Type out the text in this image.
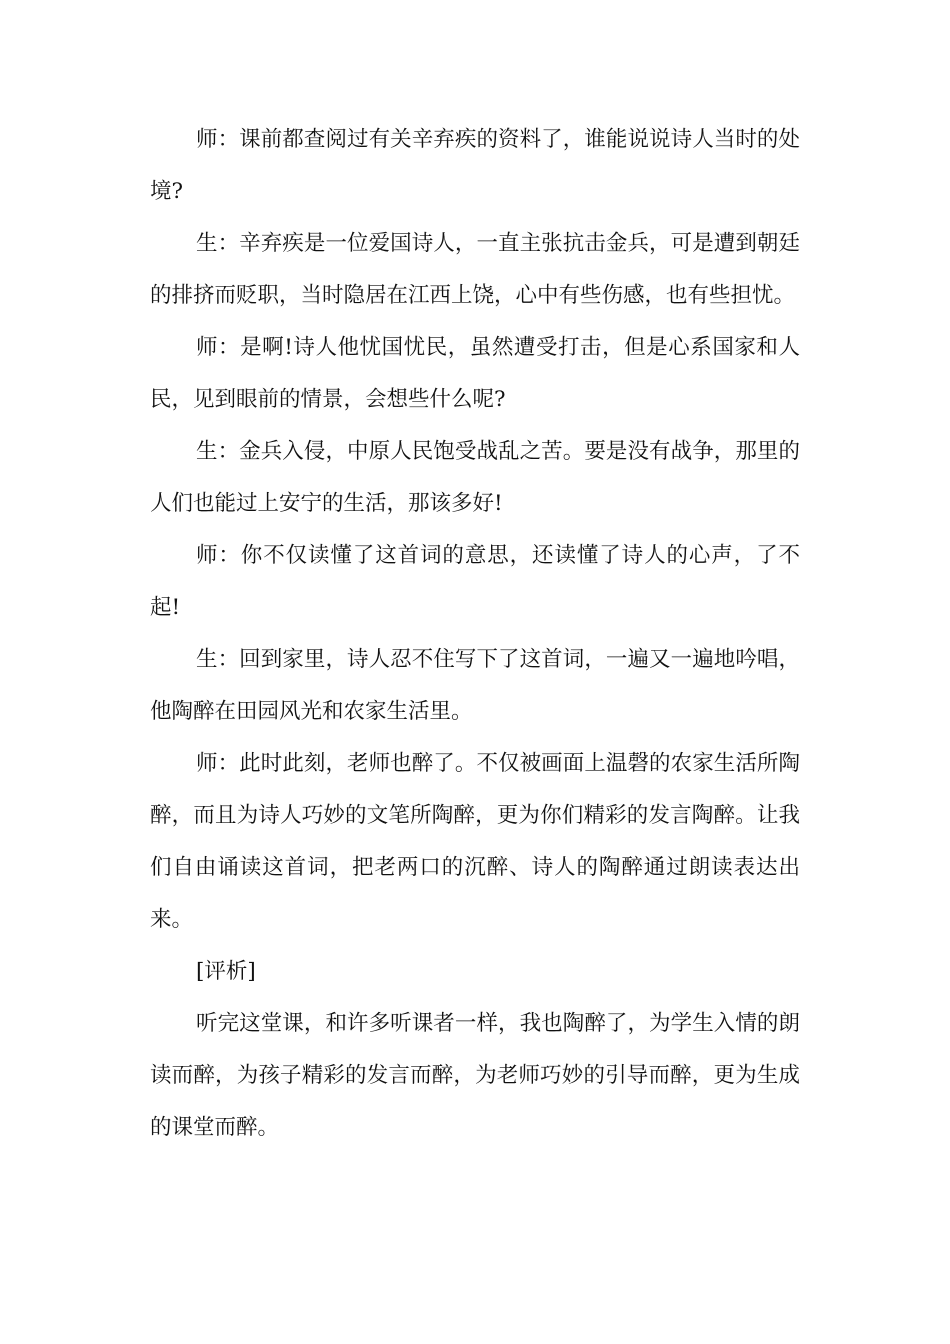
师：课前都查阅过有关辛弃疾的资料了，谁能说说诗人当时的处境?

生：辛弃疾是一位爱国诗人，一直主张抗击金兵，可是遭到朝廷的排挤而贬职，当时隐居在江西上饶，心中有些伤感，也有些担忧。

师：是啊!诗人他忧国忧民，虽然遭受打击，但是心系国家和人民，见到眼前的情景，会想些什么呢?

生：金兵入侵，中原人民饱受战乱之苦。要是没有战争，那里的人们也能过上安宁的生活，那该多好!

师：你不仅读懂了这首词的意思，还读懂了诗人的心声，了不起!

生：回到家里，诗人忍不住写下了这首词，一遍又一遍地吟唱，他陶醉在田园风光和农家生活里。

师：此时此刻，老师也醉了。不仅被画面上温磬的农家生活所陶醉，而且为诗人巧妙的文笔所陶醉，更为你们精彩的发言陶醉。让我们自由诵读这首词，把老两口的沉醉、诗人的陶醉通过朗读表达出来。

[评析]

听完这堂课，和许多听课者一样，我也陶醉了，为学生入情的朗读而醉，为孩子精彩的发言而醉，为老师巧妙的引导而醉，更为生成的课堂而醉。
